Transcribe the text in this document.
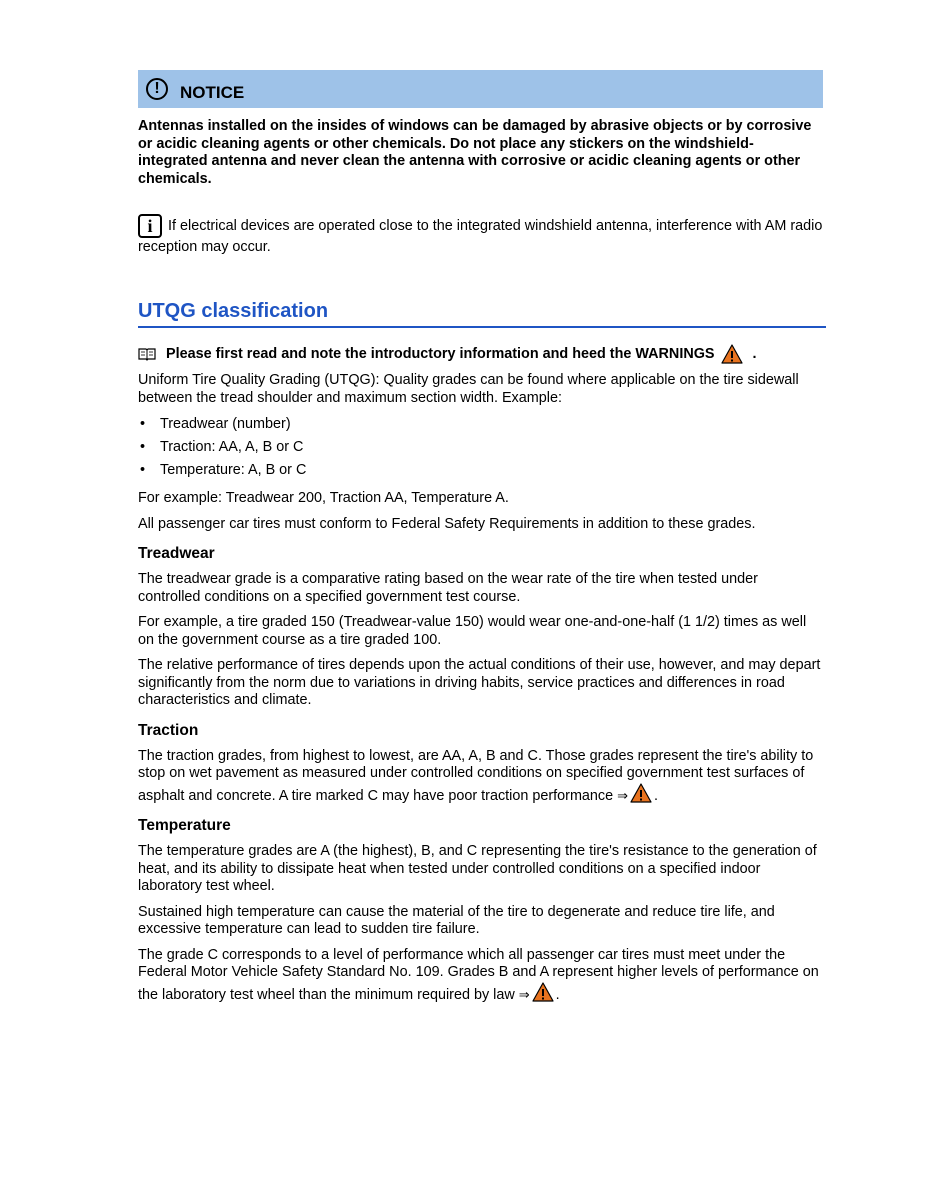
!	NOTICE
Antennas installed on the insides of windows can be damaged by abrasive objects or by corrosive or acidic cleaning agents or other chemicals. Do not place any stickers on the windshield-integrated antenna and never clean the antenna with corrosive or acidic cleaning agents or other chemicals.
i If electrical devices are operated close to the integrated windshield antenna, interference with AM radio reception may occur.
UTQG classification
Please first read and note the introductory information and heed the WARNINGS	.

Uniform Tire Quality Grading (UTQG): Quality grades can be found where applicable on the tire sidewall between the tread shoulder and maximum section width. Example:

• Treadwear (number)
• Traction: AA, A, B or C
• Temperature: A, B or C

For example: Treadwear 200, Traction AA, Temperature A.

All passenger car tires must conform to Federal Safety Requirements in addition to these grades.

Treadwear

The treadwear grade is a comparative rating based on the wear rate of the tire when tested under controlled conditions on a specified government test course.

For example, a tire graded 150 (Treadwear-value 150) would wear one-and-one-half (1 1/2) times as well on the government course as a tire graded 100.

The relative performance of tires depends upon the actual conditions of their use, however, and may depart significantly from the norm due to variations in driving habits, service practices and differences in road characteristics and climate.

Traction

The traction grades, from highest to lowest, are AA, A, B and C. Those grades represent the tire's ability to stop on wet pavement as measured under controlled conditions on specified government test surfaces of asphalt and concrete. A tire marked C may have poor traction performance ⇒ .

Temperature

The temperature grades are A (the highest), B, and C representing the tire's resistance to the generation of heat, and its ability to dissipate heat when tested under controlled conditions on a specified indoor laboratory test wheel.

Sustained high temperature can cause the material of the tire to degenerate and reduce tire life, and excessive temperature can lead to sudden tire failure.

The grade C corresponds to a level of performance which all passenger car tires must meet under the Federal Motor Vehicle Safety Standard No. 109. Grades B and A represent higher levels of performance on the laboratory test wheel than the minimum required by law ⇒ .
